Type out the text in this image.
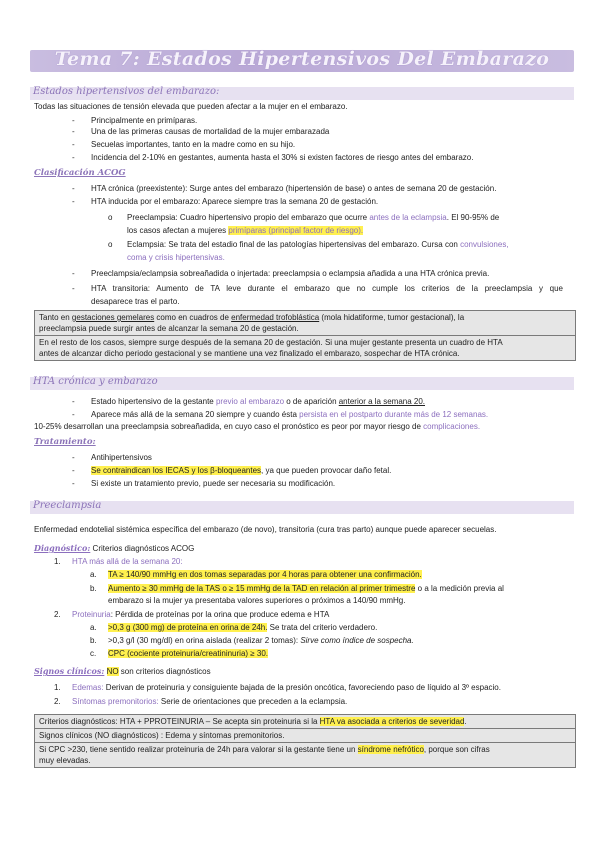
Tema 7: Estados Hipertensivos Del Embarazo
Estados hipertensivos del embarazo:
Todas las situaciones de tensión elevada que pueden afectar a la mujer en el embarazo.
- Principalmente en primíparas.
- Una de las primeras causas de mortalidad de la mujer embarazada
- Secuelas importantes, tanto en la madre como en su hijo.
- Incidencia del 2-10% en gestantes, aumenta hasta el 30% si existen factores de riesgo antes del embarazo.
Clasificación ACOG
- HTA crónica (preexistente): Surge antes del embarazo (hipertensión de base) o antes de semana 20 de gestación.
- HTA inducida por el embarazo: Aparece siempre tras la semana 20 de gestación.
o Preeclampsia: Cuadro hipertensivo propio del embarazo que ocurre antes de la eclampsia. El 90-95% de
los casos afectan a mujeres primíparas (principal factor de riesgo).
o Eclampsia: Se trata del estadio final de las patologías hipertensivas del embarazo. Cursa con convulsiones,
coma y crisis hipertensivas.
- Preeclampsia/eclampsia sobreañadida o injertada: preeclampsia o eclampsia añadida a una HTA crónica previa.
- HTA transitoria: Aumento de TA leve durante el embarazo que no cumple los criterios de la preeclampsia y que
desaparece tras el parto.
Tanto en gestaciones gemelares como en cuadros de enfermedad trofoblástica (mola hidatiforme, tumor gestacional), la
preeclampsia puede surgir antes de alcanzar la semana 20 de gestación.
En el resto de los casos, siempre surge después de la semana 20 de gestación. Si una mujer gestante presenta un cuadro de HTA
antes de alcanzar dicho periodo gestacional y se mantiene una vez finalizado el embarazo, sospechar de HTA crónica.
HTA crónica y embarazo
- Estado hipertensivo de la gestante previo al embarazo o de aparición anterior a la semana 20.
- Aparece más allá de la semana 20 siempre y cuando ésta persista en el postparto durante más de 12 semanas.
10-25% desarrollan una preeclampsia sobreañadida, en cuyo caso el pronóstico es peor por mayor riesgo de complicaciones.
Tratamiento:
- Antihipertensivos
- Se contraindican los IECAS y los β-bloqueantes, ya que pueden provocar daño fetal.
- Si existe un tratamiento previo, puede ser necesaria su modificación.
Preeclampsia
Enfermedad endotelial sistémica específica del embarazo (de novo), transitoria (cura tras parto) aunque puede aparecer secuelas.
Diagnóstico: Criterios diagnósticos ACOG
1. HTA más allá de la semana 20:
a. TA ≥ 140/90 mmHg en dos tomas separadas por 4 horas para obtener una confirmación.
b. Aumento ≥ 30 mmHg de la TAS o ≥ 15 mmHg de la TAD en relación al primer trimestre o a la medición previa al
embarazo si la mujer ya presentaba valores superiores o próximos a 140/90 mmHg.
2. Proteinuria: Pérdida de proteínas por la orina que produce edema e HTA
a. >0,3 g (300 mg) de proteína en orina de 24h. Se trata del criterio verdadero.
b. >0,3 g/l (30 mg/dl) en orina aislada (realizar 2 tomas): Sirve como índice de sospecha.
c. CPC (cociente proteinuria/creatininuria) ≥ 30.
Signos clínicos: NO son criterios diagnósticos
1. Edemas: Derivan de proteinuria y consiguiente bajada de la presión oncótica, favoreciendo paso de líquido al 3º espacio.
2. Síntomas premonitorios: Serie de orientaciones que preceden a la eclampsia.
Criterios diagnósticos: HTA + PPROTEINURIA – Se acepta sin proteinuria si la HTA va asociada a criterios de severidad.
Signos clínicos (NO diagnósticos) : Edema y síntomas premonitorios.
Si CPC >230, tiene sentido realizar proteinuria de 24h para valorar si la gestante tiene un síndrome nefrótico, porque son cifras
muy elevadas.
